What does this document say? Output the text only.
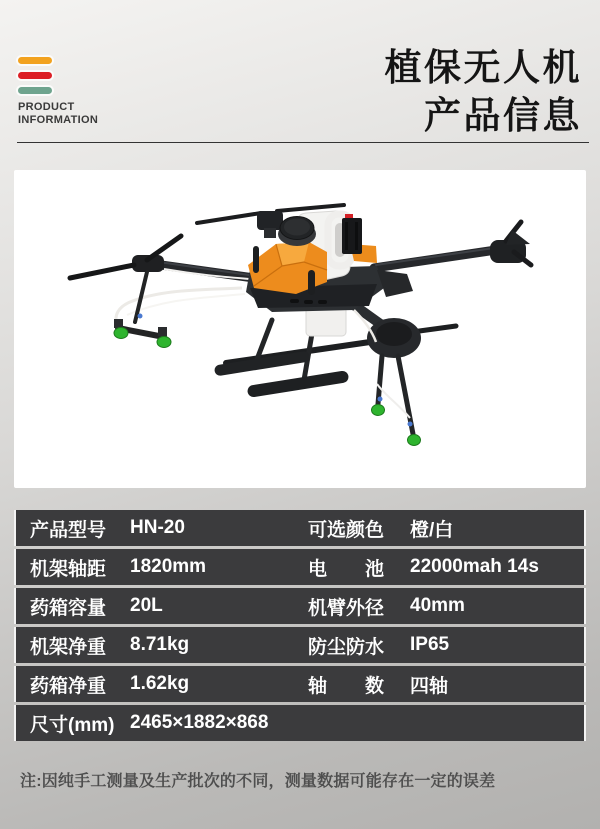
PRODUCT
INFORMATION
植保无人机
产品信息
产品型号	HN-20	可选颜色	橙/白
机架轴距	1820mm	电　　池	22000mah 14s
药箱容量	20L	机臂外径	40mm
机架净重	8.71kg	防尘防水	IP65
药箱净重	1.62kg	轴　　数	四轴
尺寸(mm) 2465×1882×868
注:因纯手工测量及生产批次的不同，测量数据可能存在一定的误差
